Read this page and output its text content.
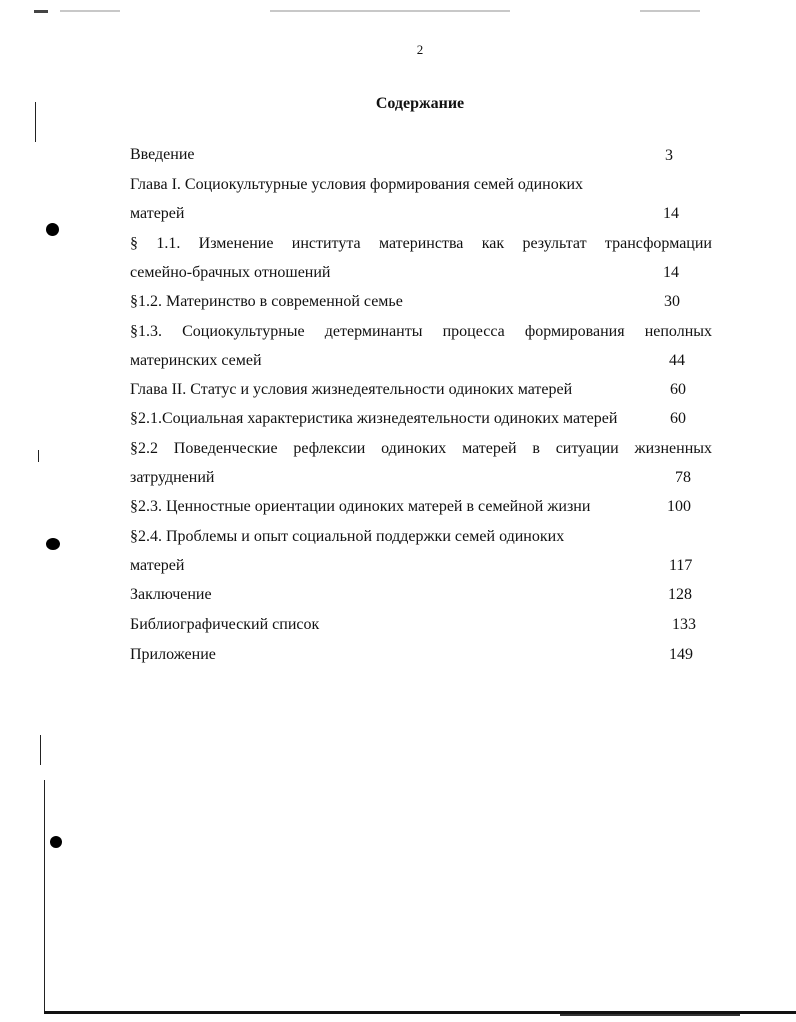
2
Содержание
Введение	3
Глава I. Социокультурные условия формирования семей одиноких
матерей	14
§ 1.1. Изменение института материнства как результат трансформации
семейно-брачных отношений	14
§1.2. Материнство в современной семье	30
§1.3. Социокультурные детерминанты процесса формирования неполных
материнских семей	44
Глава II. Статус и условия жизнедеятельности одиноких матерей	60
§2.1.Социальная характеристика жизнедеятельности одиноких матерей	60
§2.2 Поведенческие рефлексии одиноких матерей в ситуации жизненных
затруднений	78
§2.3. Ценностные ориентации одиноких матерей в семейной жизни	100
§2.4. Проблемы и опыт социальной поддержки семей одиноких
матерей	117
Заключение	128
Библиографический список	133
Приложение	149
